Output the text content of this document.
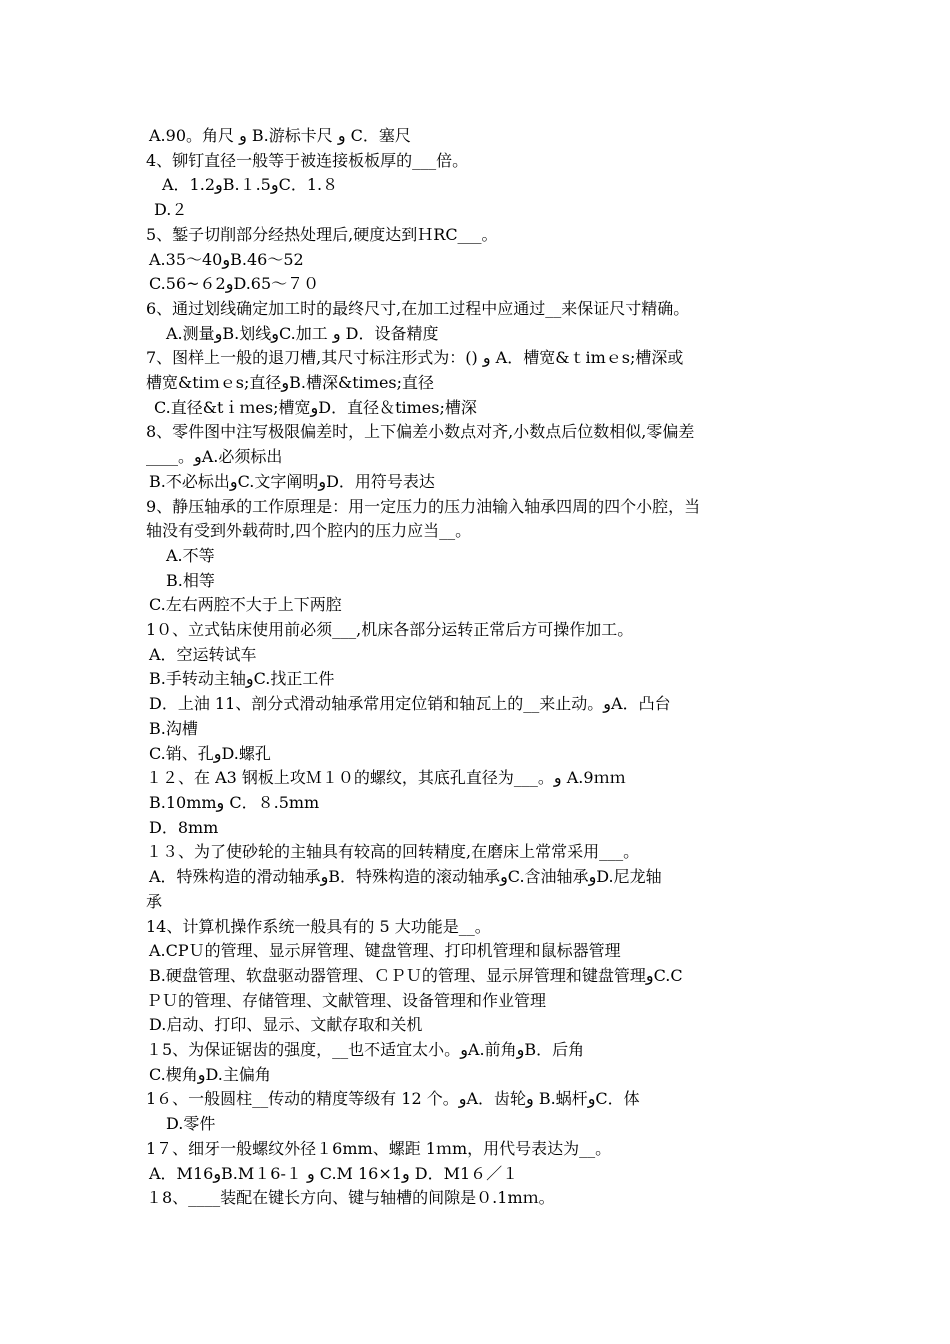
A.90。角尺 ﻭ B.游标卡尺 ﻭ C．塞尺
4、铆钉直径一般等于被连接板板厚的___倍。
A．1.2ﻭB.１.5ﻭC．1.８
D.２
5、錾子切削部分经热处理后,硬度达到ＨRC___。
A.35～40ﻭB.46～52
C.56~６2ﻭD.65～７０
6、通过划线确定加工时的最终尺寸,在加工过程中应通过__来保证尺寸精确。
A.测量ﻭB.划线ﻭC.加工 ﻭ D．设备精度
7、图样上一般的退刀槽,其尺寸标注形式为：() ﻭ A．槽宽&ｔimｅs;槽深或
槽宽&tiｍｅs;直径ﻭB.槽深&times;直径
C.直径&tｉｍes;槽宽ﻭD．直径＆times;槽深
8、零件图中注写极限偏差时，上下偏差小数点对齐,小数点后位数相似,零偏差
____。ﻭA.必须标出
B.不必标出ﻭC.文字阐明ﻭD．用符号表达
9、静压轴承的工作原理是：用一定压力的压力油输入轴承四周的四个小腔，当
轴没有受到外载荷时,四个腔内的压力应当__。
A.不等
B.相等
C.左右两腔不大于上下两腔
1０、立式钻床使用前必须___,机床各部分运转正常后方可操作加工。
A．空运转试车
B.手转动主轴ﻭC.找正工件
D．上油 11、剖分式滑动轴承常用定位销和轴瓦上的__来止动。ﻭA．凸台
B.沟槽
C.销、孔ﻭD.螺孔
１２、在 A3 钢板上攻Ｍ１０的螺纹，其底孔直径为___。ﻭ A.9ｍｍ
B.10mmﻭ C．８.5mm
D．8mm
１３、为了使砂轮的主轴具有较高的回转精度,在磨床上常常采用___。
A．特殊构造的滑动轴承ﻭB．特殊构造的滚动轴承ﻭC.含油轴承ﻭD.尼龙轴
承
14、计算机操作系统一般具有的 5 大功能是__。
A.CPＵ的管理、显示屏管理、键盘管理、打印机管理和鼠标器管理
B.硬盘管理、软盘驱动器管理、ＣＰＵ的管理、显示屏管理和键盘管理ﻭC.C
ＰＵ的管理、存储管理、文献管理、设备管理和作业管理
D.启动、打印、显示、文献存取和关机
１5、为保证锯齿的强度，__也不适宜太小。ﻭA.前角ﻭB．后角
C.楔角ﻭD.主偏角
1６、一般圆柱__传动的精度等级有 12 个。ﻭA．齿轮ﻭ B.蜗杆ﻭC．体
D.零件
1７、细牙一般螺纹外径１6mm、螺距 1ｍm，用代号表达为__。
A．M16ﻭB.M１6-１ ﻭ C.M 16×1ﻭ D．M1６／１
１8、____装配在键长方向、键与轴槽的间隙是０.1mｍ。
